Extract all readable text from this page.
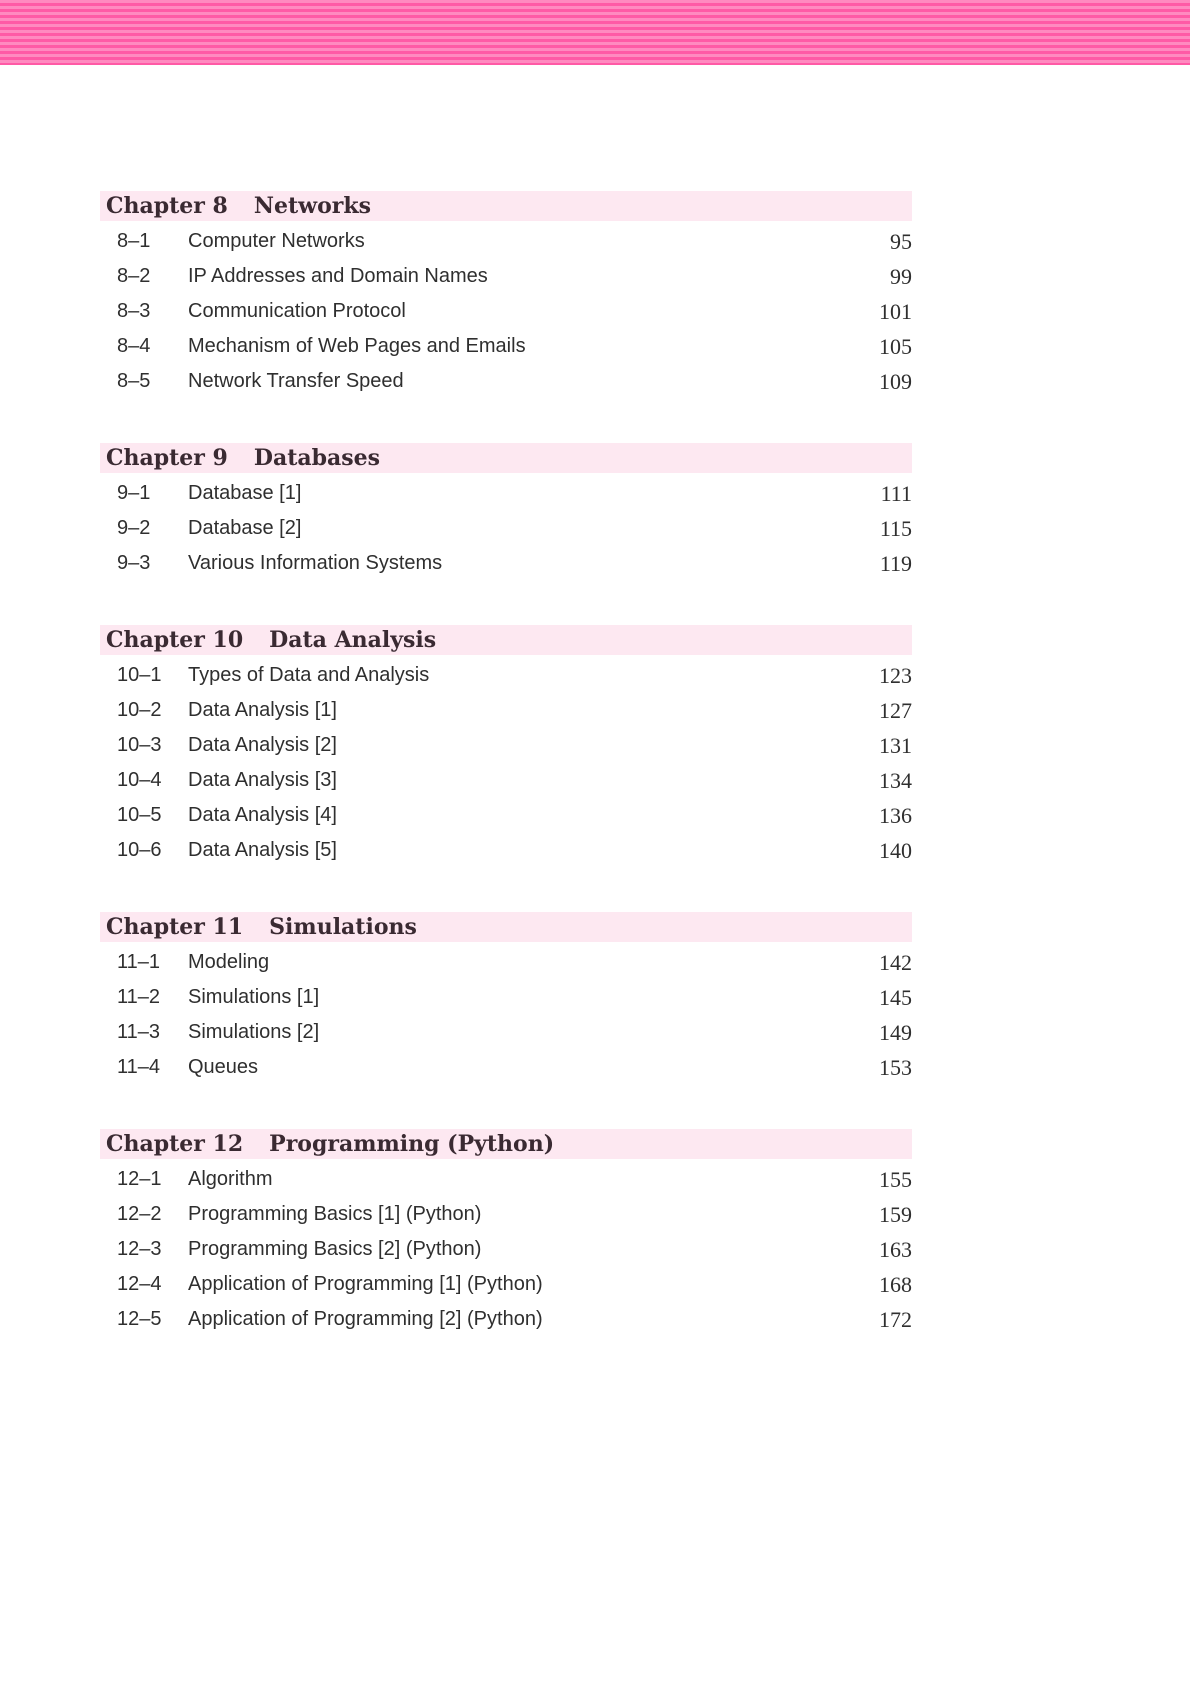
Chapter 8 Networks
8–1	Computer Networks	95
8–2	IP Addresses and Domain Names	99
8–3	Communication Protocol	101
8–4	Mechanism of Web Pages and Emails	105
8–5	Network Transfer Speed	109
Chapter 9 Databases
9–1	Database [1]	111
9–2	Database [2]	115
9–3	Various Information Systems	119
Chapter 10 Data Analysis
10–1	Types of Data and Analysis	123
10–2	Data Analysis [1]	127
10–3	Data Analysis [2]	131
10–4	Data Analysis [3]	134
10–5	Data Analysis [4]	136
10–6	Data Analysis [5]	140
Chapter 11 Simulations
11–1	Modeling	142
11–2	Simulations [1]	145
11–3	Simulations [2]	149
11–4	Queues	153
Chapter 12 Programming (Python)
12–1	Algorithm	155
12–2	Programming Basics [1] (Python)	159
12–3	Programming Basics [2] (Python)	163
12–4	Application of Programming [1] (Python)	168
12–5	Application of Programming [2] (Python)	172
